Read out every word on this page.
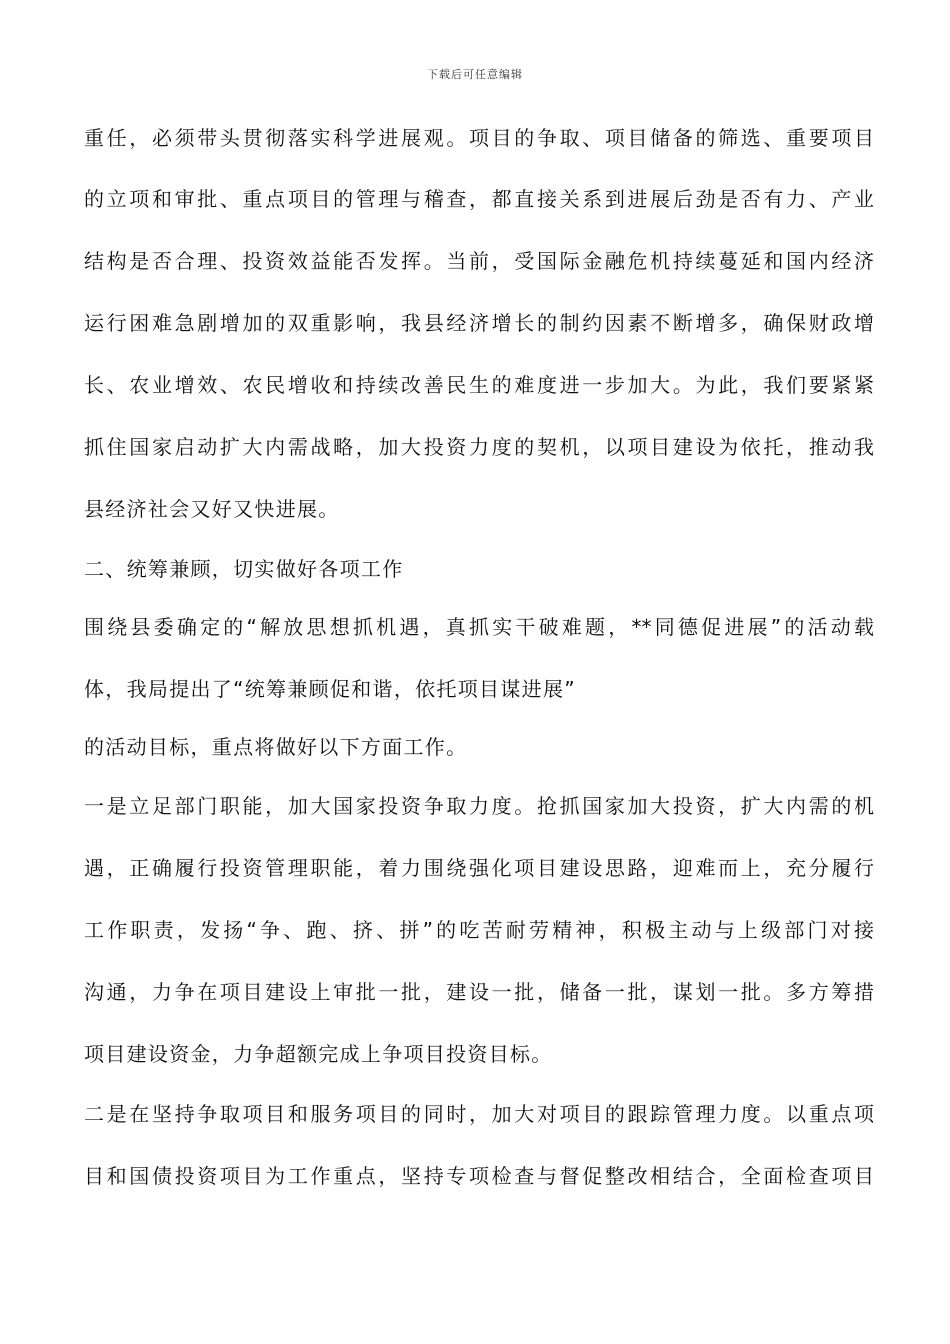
下载后可任意编辑
重任，必须带头贯彻落实科学进展观。项目的争取、项目储备的筛选、重要项目
的立项和审批、重点项目的管理与稽查，都直接关系到进展后劲是否有力、产业
结构是否合理、投资效益能否发挥。当前，受国际金融危机持续蔓延和国内经济
运行困难急剧增加的双重影响，我县经济增长的制约因素不断增多，确保财政增
长、农业增效、农民增收和持续改善民生的难度进一步加大。为此，我们要紧紧
抓住国家启动扩大内需战略，加大投资力度的契机，以项目建设为依托，推动我
县经济社会又好又快进展。
二、统筹兼顾，切实做好各项工作
围绕县委确定的“解放思想抓机遇，真抓实干破难题，**同德促进展”的活动载
体，我局提出了“统筹兼顾促和谐，依托项目谋进展”
的活动目标，重点将做好以下方面工作。
一是立足部门职能，加大国家投资争取力度。抢抓国家加大投资，扩大内需的机
遇，正确履行投资管理职能，着力围绕强化项目建设思路，迎难而上，充分履行
工作职责，发扬“争、跑、挤、拼”的吃苦耐劳精神，积极主动与上级部门对接
沟通，力争在项目建设上审批一批，建设一批，储备一批，谋划一批。多方筹措
项目建设资金，力争超额完成上争项目投资目标。
二是在坚持争取项目和服务项目的同时，加大对项目的跟踪管理力度。以重点项
目和国债投资项目为工作重点，坚持专项检查与督促整改相结合，全面检查项目
